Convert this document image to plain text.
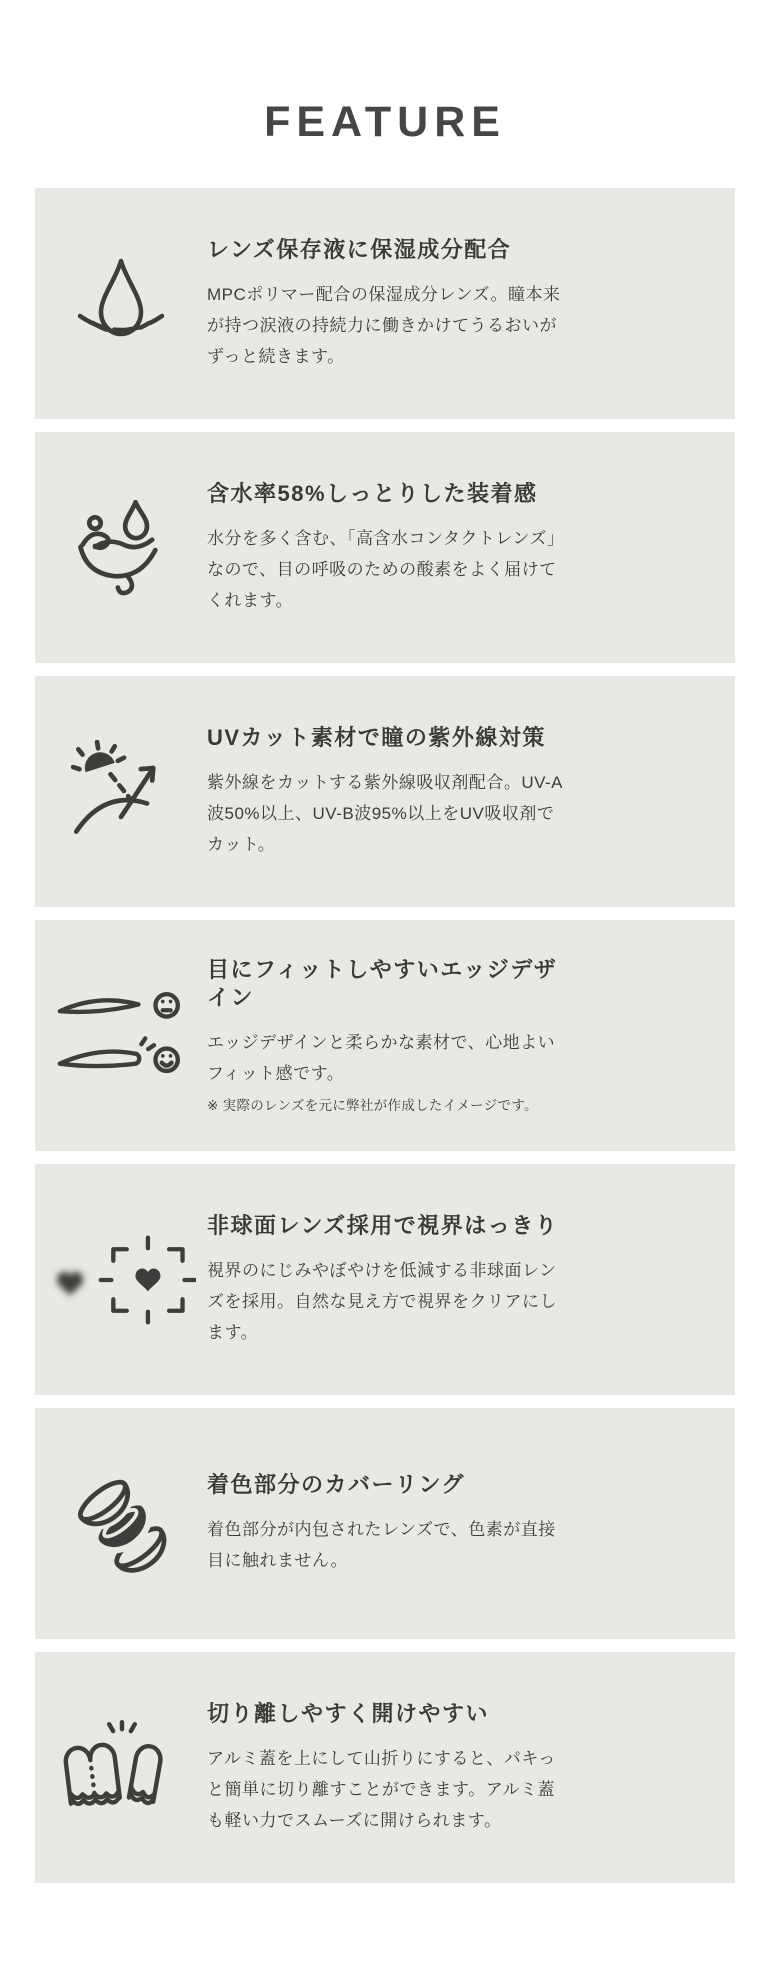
FEATURE
レンズ保存液に保湿成分配合

MPCポリマー配合の保湿成分レンズ。瞳本来が持つ涙液の持続力に働きかけてうるおいがずっと続きます。

含水率58%しっとりした装着感

水分を多く含む、「高含水コンタクトレンズ」なので、目の呼吸のための酸素をよく届けてくれます。

UVカット素材で瞳の紫外線対策

紫外線をカットする紫外線吸収剤配合。UV-A波50%以上、UV-B波95%以上をUV吸収剤でカット。

目にフィットしやすいエッジデザイン

エッジデザインと柔らかな素材で、心地よいフィット感です。

※ 実際のレンズを元に弊社が作成したイメージです。

非球面レンズ採用で視界はっきり

視界のにじみやぼやけを低減する非球面レンズを採用。自然な見え方で視界をクリアにします。

着色部分のカバーリング

着色部分が内包されたレンズで、色素が直接目に触れません。

切り離しやすく開けやすい

アルミ蓋を上にして山折りにすると、パキっと簡単に切り離すことができます。アルミ蓋も軽い力でスムーズに開けられます。
